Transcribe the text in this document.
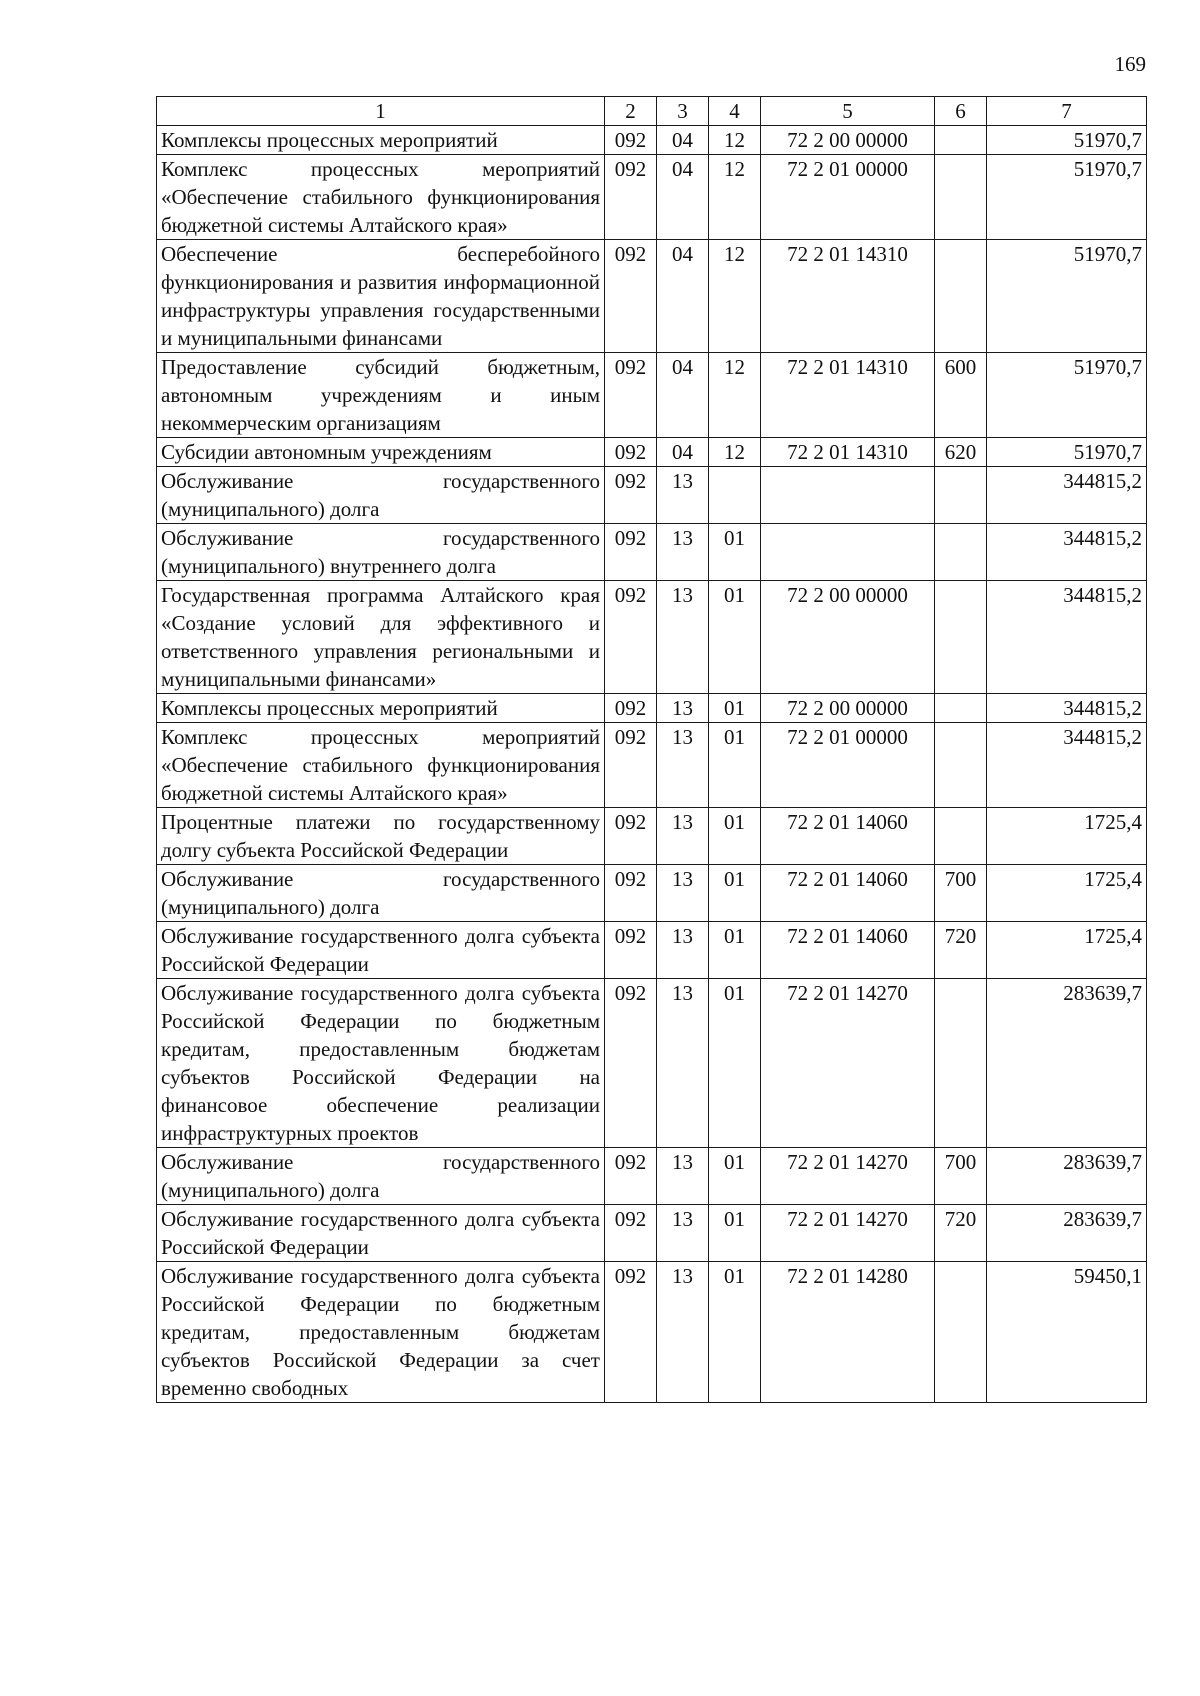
169
1	2	3	4	5	6	7
Комплексы процессных мероприятий	092	04	12	72 2 00 00000		51970,7
Комплекс процессных мероприятий «Обеспечение стабильного функционирования бюджетной системы Алтайского края»	092	04	12	72 2 01 00000		51970,7
Обеспечение бесперебойного функционирования и развития информационной инфраструктуры управления государственными и муниципальными финансами	092	04	12	72 2 01 14310		51970,7
Предоставление субсидий бюджетным, автономным учреждениям и иным некоммерческим организациям	092	04	12	72 2 01 14310	600	51970,7
Субсидии автономным учреждениям	092	04	12	72 2 01 14310	620	51970,7
Обслуживание государственного (муниципального) долга	092	13				344815,2
Обслуживание государственного (муниципального) внутреннего долга	092	13	01			344815,2
Государственная программа Алтайского края «Создание условий для эффективного и ответственного управления региональными и муниципальными финансами»	092	13	01	72 2 00 00000		344815,2
Комплексы процессных мероприятий	092	13	01	72 2 00 00000		344815,2
Комплекс процессных мероприятий «Обеспечение стабильного функционирования бюджетной системы Алтайского края»	092	13	01	72 2 01 00000		344815,2
Процентные платежи по государственному долгу субъекта Российской Федерации	092	13	01	72 2 01 14060		1725,4
Обслуживание государственного (муниципального) долга	092	13	01	72 2 01 14060	700	1725,4
Обслуживание государственного долга субъекта Российской Федерации	092	13	01	72 2 01 14060	720	1725,4
Обслуживание государственного долга субъекта Российской Федерации по бюджетным кредитам, предоставленным бюджетам субъектов Российской Федерации на финансовое обеспечение реализации инфраструктурных проектов	092	13	01	72 2 01 14270		283639,7
Обслуживание государственного (муниципального) долга	092	13	01	72 2 01 14270	700	283639,7
Обслуживание государственного долга субъекта Российской Федерации	092	13	01	72 2 01 14270	720	283639,7
Обслуживание государственного долга субъекта Российской Федерации по бюджетным кредитам, предоставленным бюджетам субъектов Российской Федерации за счет временно свободных	092	13	01	72 2 01 14280		59450,1
